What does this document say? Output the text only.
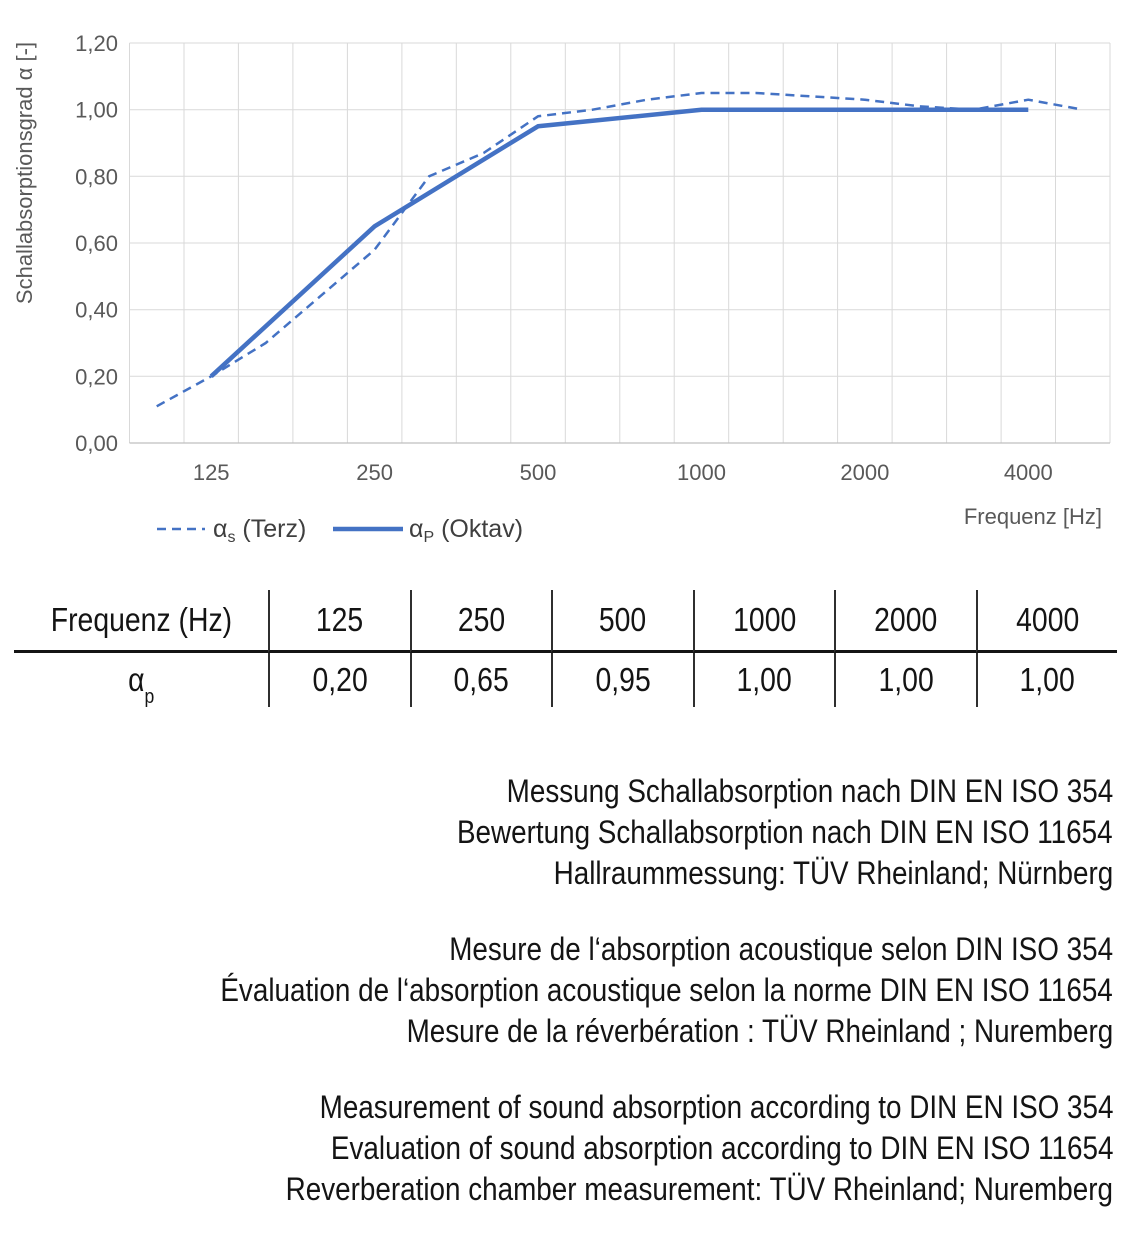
0,00
0,20
0,40
0,60
0,80
1,00
1,20
125	250	500	1000	2000	4000
Schallabsorptionsgrad α [-]
Frequenz [Hz]
$\alpha_s$ (Terz)	$\alpha_P$ (Oktav)
Frequenz (Hz)	125	250	500	1000 2000 4000
$\alpha_p$	0,20	0,65	0,95	1,00	1,00	1,00
Messung Schallabsorption nach DIN EN ISO 354
Bewertung Schallabsorption nach DIN EN ISO 11654
Hallraummessung: TÜV Rheinland; Nürnberg
Mesure de l‘absorption acoustique selon DIN ISO 354
Évaluation de l‘absorption acoustique selon la norme DIN EN ISO 11654
Mesure de la réverbération : TÜV Rheinland ; Nuremberg
Measurement of sound absorption according to DIN EN ISO 354
Evaluation of sound absorption according to DIN EN ISO 11654
Reverberation chamber measurement: TÜV Rheinland; Nuremberg
